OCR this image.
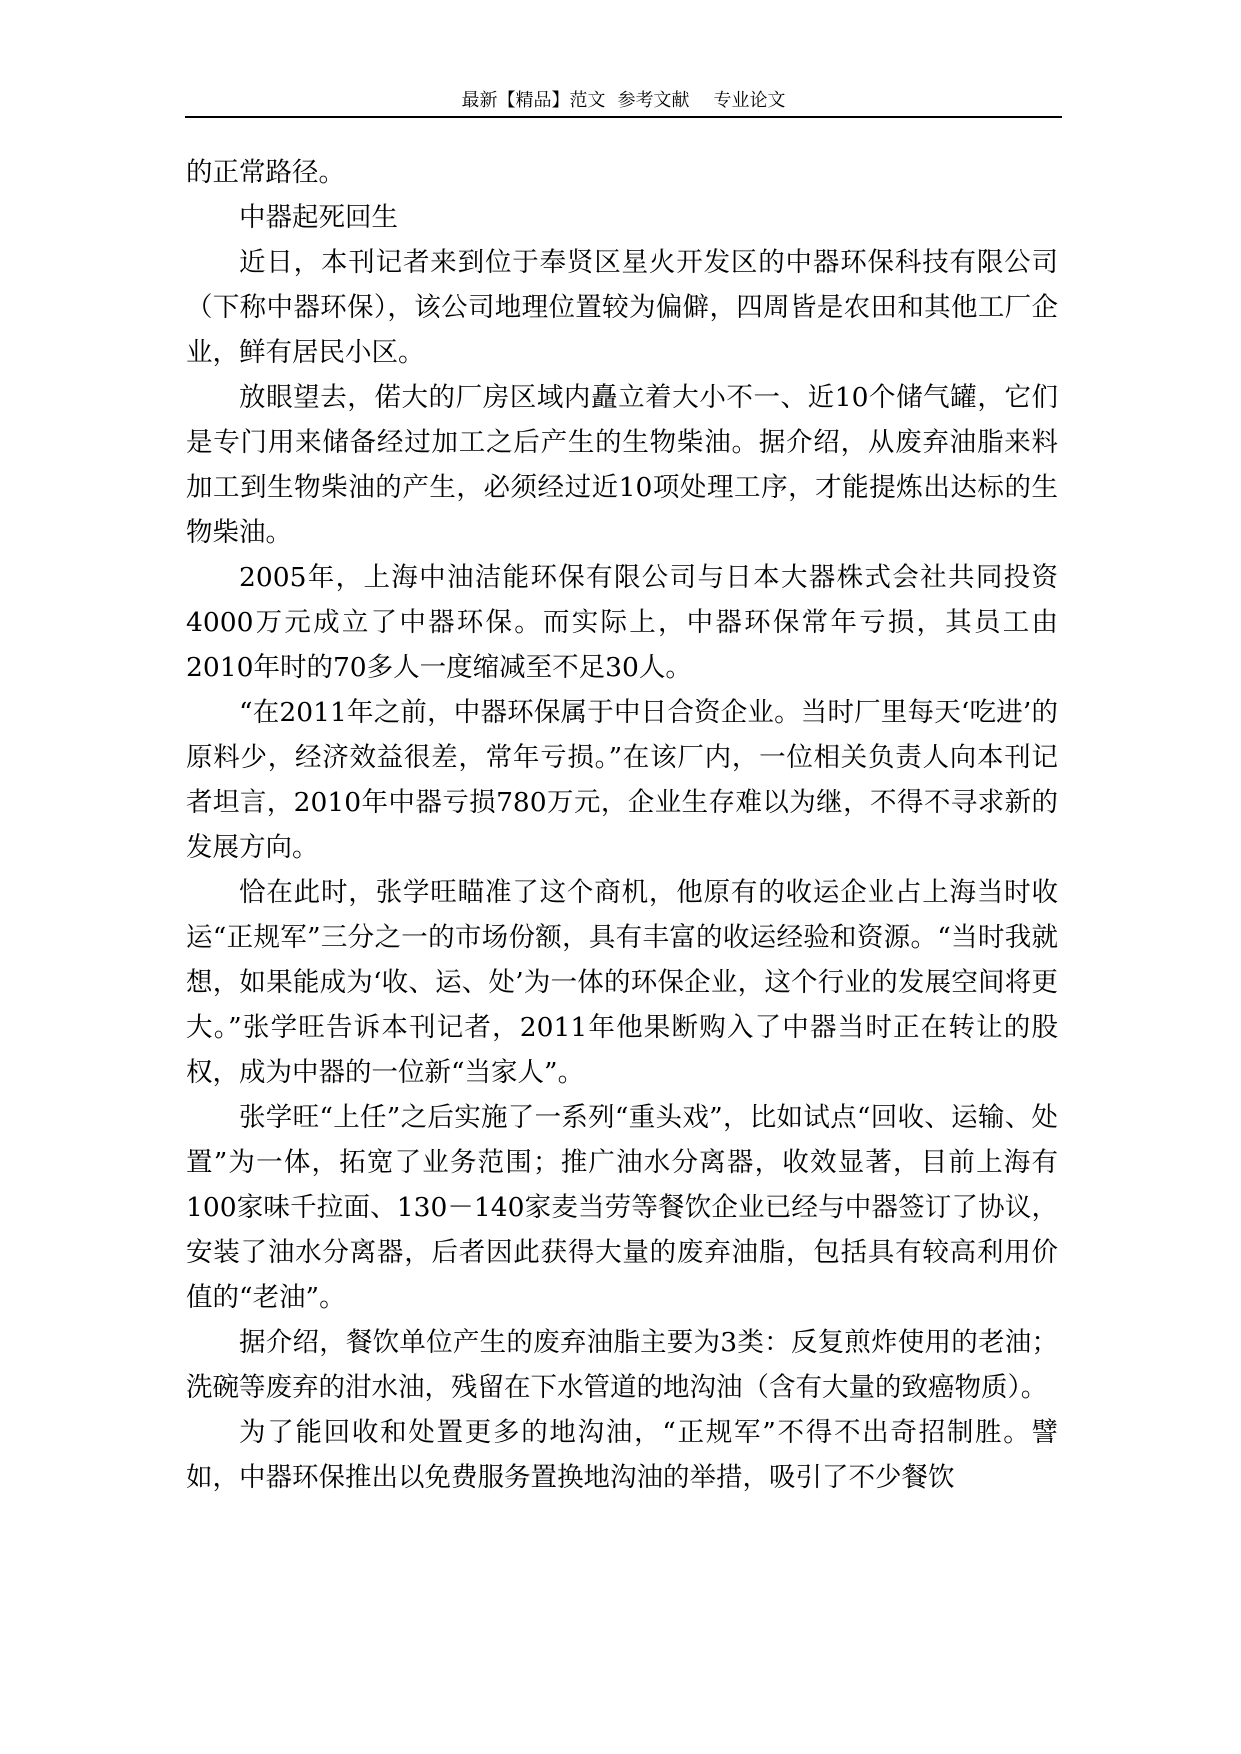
最新【精品】范文 参考文献 专业论文

的正常路径。

中器起死回生

近日，本刊记者来到位于奉贤区星火开发区的中器环保科技有限公司（下称中器环保），该公司地理位置较为偏僻，四周皆是农田和其他工厂企业，鲜有居民小区。

放眼望去，偌大的厂房区域内矗立着大小不一、近10个储气罐，它们是专门用来储备经过加工之后产生的生物柴油。据介绍，从废弃油脂来料加工到生物柴油的产生，必须经过近10项处理工序，才能提炼出达标的生物柴油。

2005年，上海中油洁能环保有限公司与日本大器株式会社共同投资4000万元成立了中器环保。而实际上，中器环保常年亏损，其员工由2010年时的70多人一度缩减至不足30人。

“在2011年之前，中器环保属于中日合资企业。当时厂里每天‘吃进’的原料少，经济效益很差，常年亏损。”在该厂内，一位相关负责人向本刊记者坦言，2010年中器亏损780万元，企业生存难以为继，不得不寻求新的发展方向。

恰在此时，张学旺瞄准了这个商机，他原有的收运企业占上海当时收运“正规军”三分之一的市场份额，具有丰富的收运经验和资源。“当时我就想，如果能成为‘收、运、处’为一体的环保企业，这个行业的发展空间将更大。”张学旺告诉本刊记者，2011年他果断购入了中器当时正在转让的股权，成为中器的一位新“当家人”。

张学旺“上任”之后实施了一系列“重头戏”，比如试点“回收、运输、处置”为一体，拓宽了业务范围；推广油水分离器，收效显著，目前上海有100家味千拉面、130－140家麦当劳等餐饮企业已经与中器签订了协议，安装了油水分离器，后者因此获得大量的废弃油脂，包括具有较高利用价值的“老油”。

据介绍，餐饮单位产生的废弃油脂主要为3类：反复煎炸使用的老油；洗碗等废弃的泔水油，残留在下水管道的地沟油（含有大量的致癌物质）。

为了能回收和处置更多的地沟油，“正规军”不得不出奇招制胜。譬如，中器环保推出以免费服务置换地沟油的举措，吸引了不少餐饮
